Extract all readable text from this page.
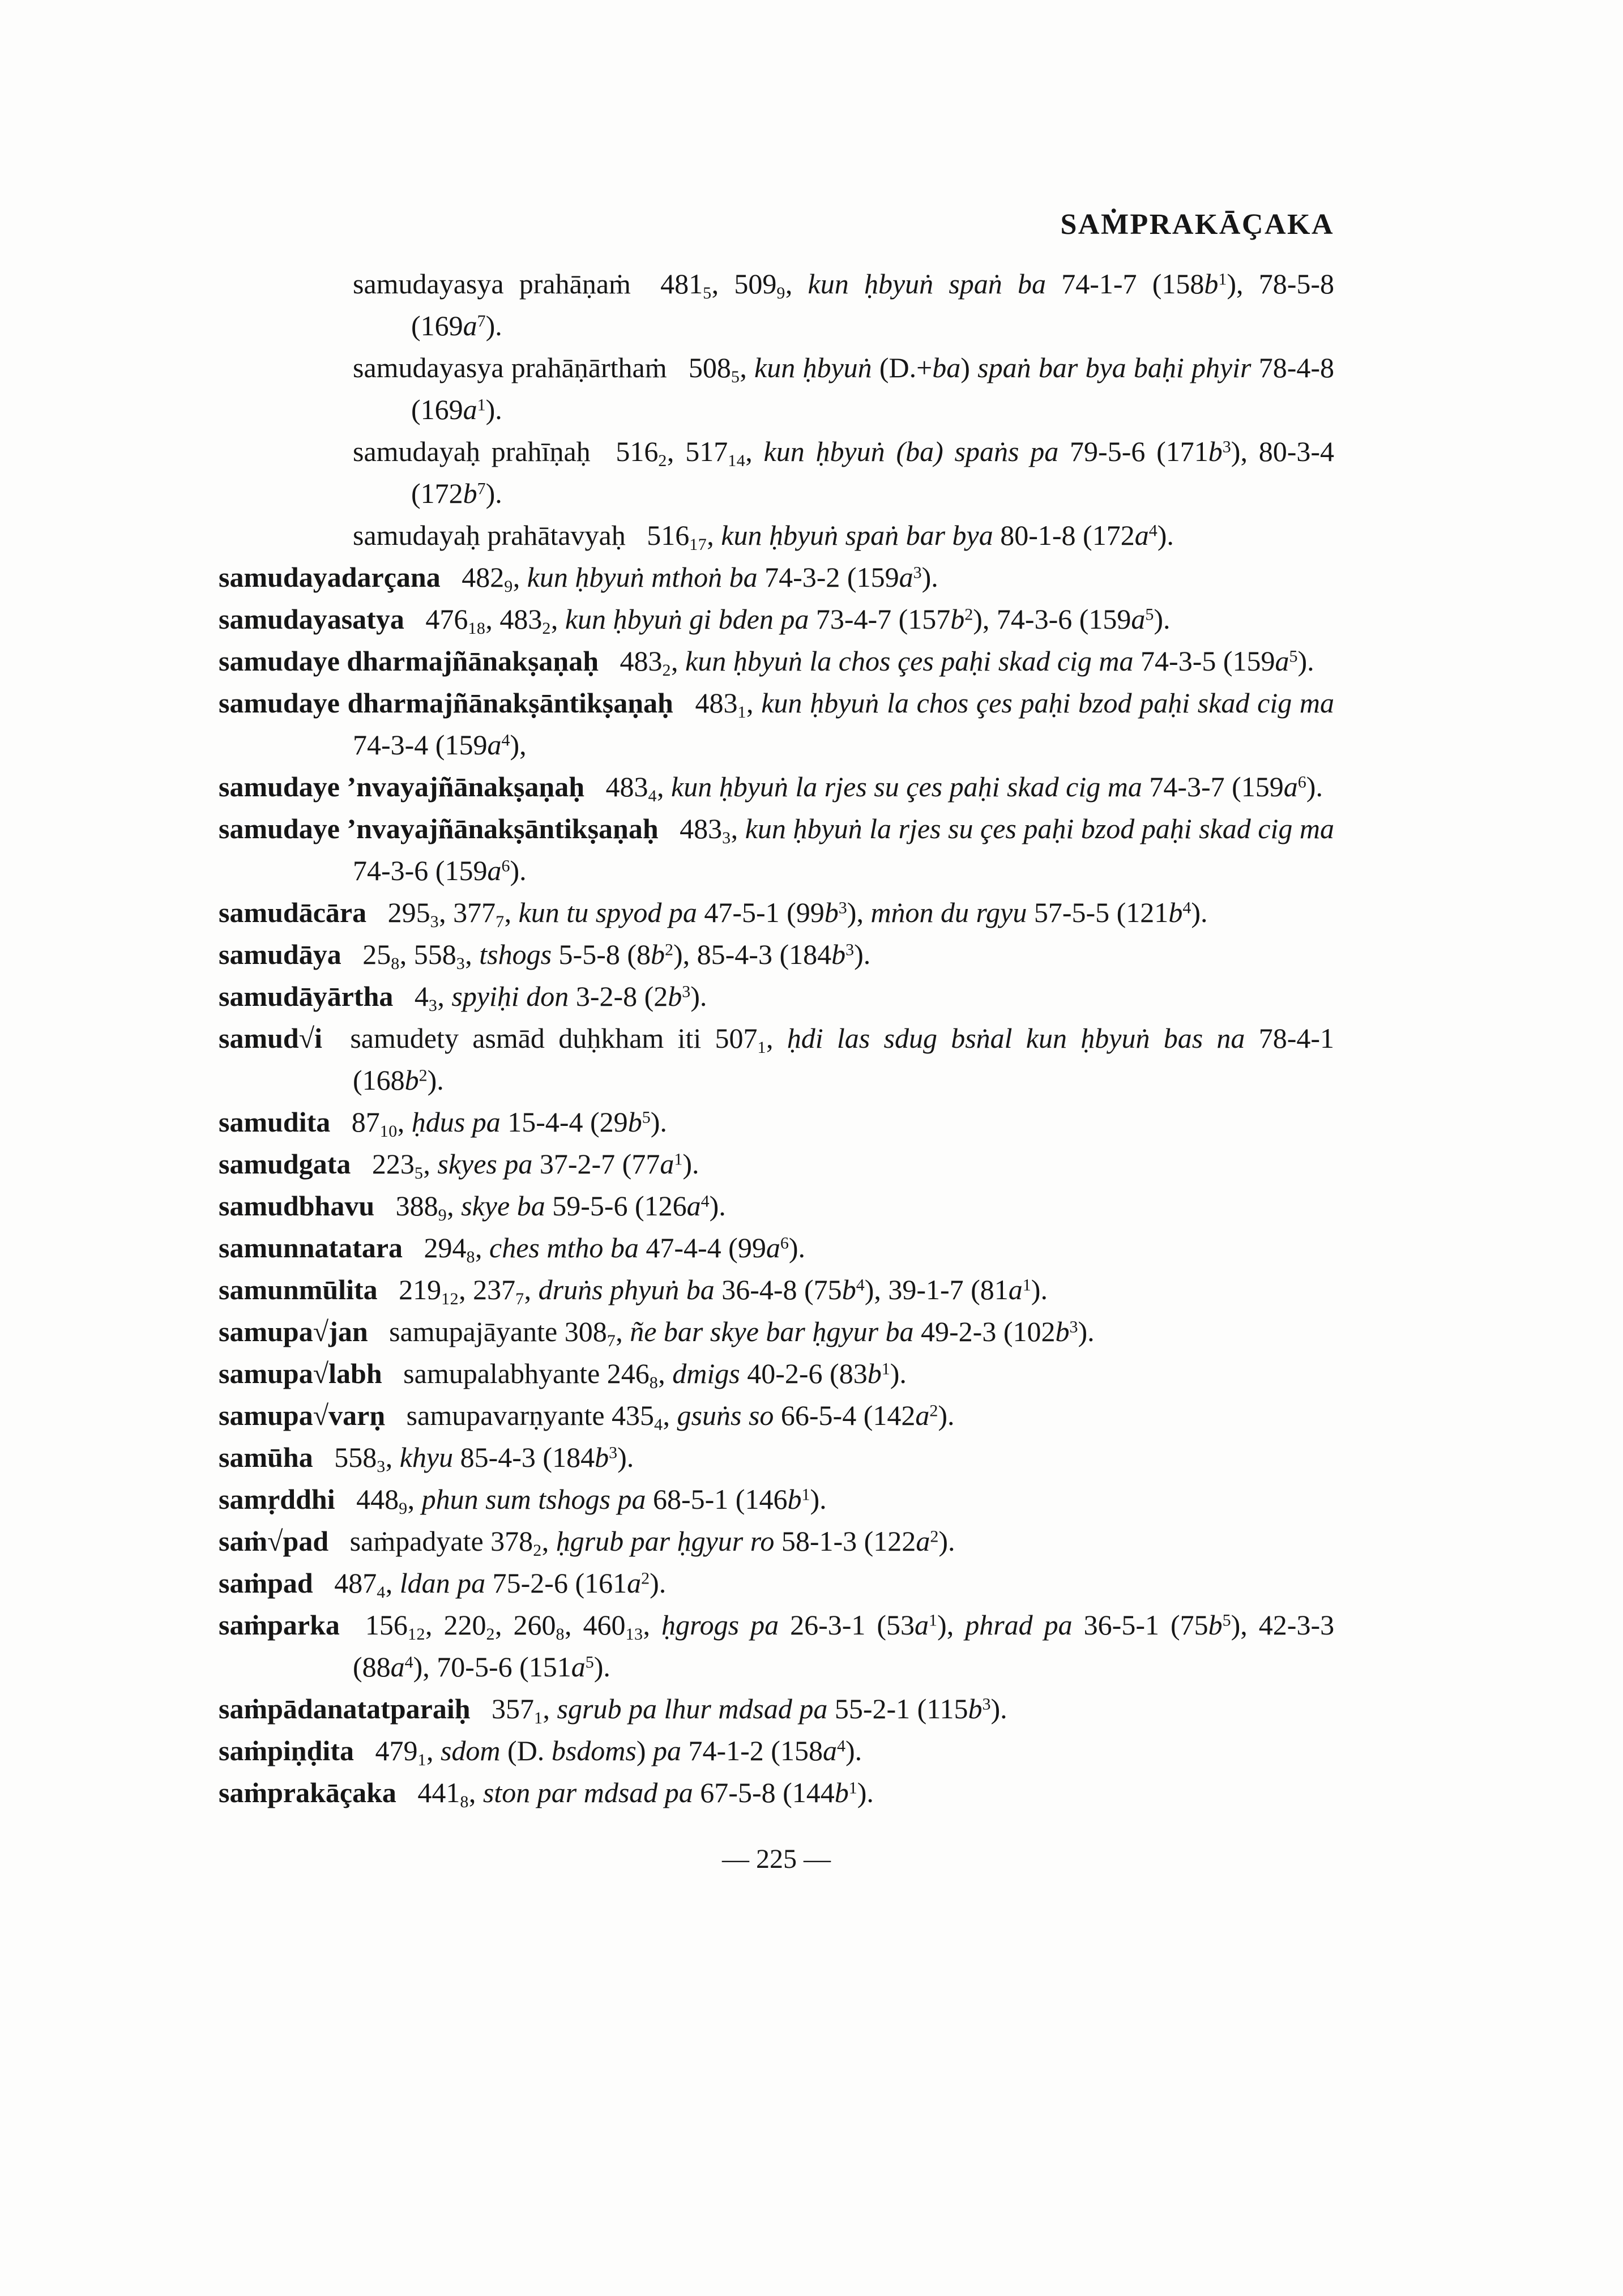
SAṀPRAKĀÇAKA

samudayasya prahāṇaṁ  4815, 5099, kun ḥbyuṅ spaṅ ba 74-1-7 $(158b^1)$, 78-5-8 $(169a^7)$.

samudayasya prahāṇārthaṁ  5085, kun ḥbyuṅ (D.+ba) spaṅ bar bya baḥi phyir 78-4-8 $(169a^1)$.

samudayaḥ prahīṇaḥ  5162, 51714, kun ḥbyuṅ (ba) spaṅs pa 79-5-6 $(171b^3)$, 80-3-4 $(172b^7)$.

samudayaḥ prahātavyaḥ  51617, kun ḥbyuṅ spaṅ bar bya 80-1-8 $(172a^4)$.

samudayadarçana  4829, kun ḥbyuṅ mthoṅ ba 74-3-2 $(159a^3)$.

samudayasatya  47618, 4832, kun ḥbyuṅ gi bden pa 73-4-7 $(157b^2)$, 74-3-6 $(159a^5)$.

samudaye dharmajñānakṣaṇaḥ  4832, kun ḥbyuṅ la chos çes paḥi skad cig ma 74-3-5 $(159a^5)$.

samudaye dharmajñānakṣāntikṣaṇaḥ  4831, kun ḥbyuṅ la chos çes paḥi bzod paḥi skad cig ma 74-3-4 $(159a^4)$,

samudaye ’nvayajñānakṣaṇaḥ  4834, kun ḥbyuṅ la rjes su çes paḥi skad cig ma 74-3-7 $(159a^6)$.

samudaye ’nvayajñānakṣāntikṣaṇaḥ  4833, kun ḥbyuṅ la rjes su çes paḥi bzod paḥi skad cig ma 74-3-6 $(159a^6)$.

samudācāra  2953, 3777, kun tu spyod pa 47-5-1 $(99b^3)$, mṅon du rgyu 57-5-5 $(121b^4)$.

samudāya  258, 5583, tshogs 5-5-8 $(8b^2)$, 85-4-3 $(184b^3)$.

samudāyārtha  43, spyiḥi don 3-2-8 $(2b^3)$.

samud√i  samudety asmād duḥkham iti 5071, ḥdi las sdug bsṅal kun ḥbyuṅ bas na 78-4-1 $(168b^2)$.

samudita  8710, ḥdus pa 15-4-4 $(29b^5)$.

samudgata  2235, skyes pa 37-2-7 $(77a^1)$.

samudbhavu  3889, skye ba 59-5-6 $(126a^4)$.

samunnatatara  2948, ches mtho ba 47-4-4 $(99a^6)$.

samunmūlita  21912, 2377, druṅs phyuṅ ba 36-4-8 $(75b^4)$, 39-1-7 $(81a^1)$.

samupa√jan  samupajāyante 3087, ñe bar skye bar ḥgyur ba 49-2-3 $(102b^3)$.

samupa√labh  samupalabhyante 2468, dmigs 40-2-6 $(83b^1)$.

samupa√varṇ  samupavarṇyante 4354, gsuṅs so 66-5-4 $(142a^2)$.

samūha  5583, khyu 85-4-3 $(184b^3)$.

samṛddhi  4489, phun sum tshogs pa 68-5-1 $(146b^1)$.

saṁ√pad  saṁpadyate 3782, ḥgrub par ḥgyur ro 58-1-3 $(122a^2)$.

saṁpad  4874, ldan pa 75-2-6 $(161a^2)$.

saṁparka  15612, 2202, 2608, 46013, ḥgrogs pa 26-3-1 $(53a^1)$, phrad pa 36-5-1 $(75b^5)$, 42-3-3 $(88a^4)$, 70-5-6 $(151a^5)$.

saṁpādanatatparaiḥ  3571, sgrub pa lhur mdsad pa 55-2-1 $(115b^3)$.

saṁpiṇḍita  4791, sdom (D. bsdoms) pa 74-1-2 $(158a^4)$.

saṁprakāçaka  4418, ston par mdsad pa 67-5-8 $(144b^1)$.

— 225 —
